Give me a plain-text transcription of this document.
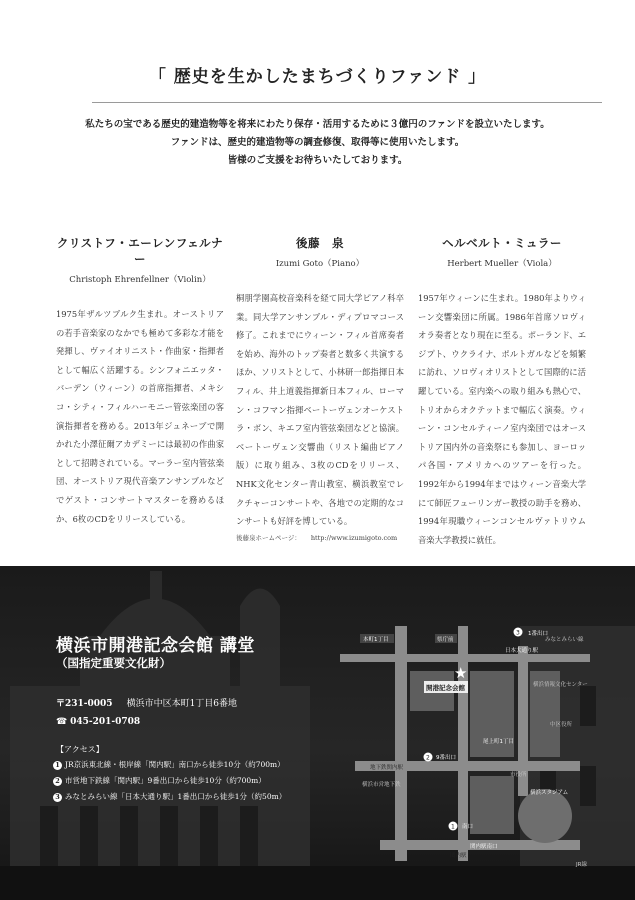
「 歴史を生かしたまちづくりファンド 」
私たちの宝である歴史的建造物等を将来にわたり保存・活用するために３億円のファンドを設立いたします。
ファンドは、歴史的建造物等の調査修復、取得等に使用いたします。
皆様のご支援をお待ちいたしております。
クリストフ・エーレンフェルナー
Christoph Ehrenfellner（Violin）
1975年ザルツブルク生まれ。オーストリアの若手音楽家のなかでも極めて多彩な才能を発揮し、ヴァイオリニスト・作曲家・指揮者として幅広く活躍する。シンフォニエッタ・バーデン（ウィーン）の首席指揮者、メキシコ・シティ・フィルハーモニー管弦楽団の客演指揮者を務める。2013年ジュネーブで開かれた小澤征爾アカデミーには最初の作曲家として招聘されている。マーラー室内管弦楽団、オーストリア現代音楽アンサンブルなどでゲスト・コンサートマスターを務めるほか、6枚のCDをリリースしている。
後藤　泉
Izumi Goto（Piano）
桐朋学園高校音楽科を経て同大学ピアノ科卒業。同大学アンサンブル・ディプロマコース修了。これまでにウィーン・フィル首席奏者を始め、海外のトップ奏者と数多く共演するほか、ソリストとして、小林研一郎指揮日本フィル、井上道義指揮新日本フィル、ローマン・コフマン指揮ベートーヴェンオーケストラ・ボン、キエフ室内管弦楽団などと協演。ベートーヴェン交響曲（リスト編曲ピアノ版）に取り組み、3枚のCDをリリース、NHK文化センター青山教室、横浜教室でレクチャーコンサートや、各地での定期的なコンサートも好評を博している。
後藤泉ホームページ： http://www.izumigoto.com
ヘルベルト・ミュラー
Herbert Mueller（Viola）
1957年ウィーンに生まれ。1980年よりウィーン交響楽団に所属。1986年首席ソロヴィオラ奏者となり現在に至る。ポーランド、エジプト、ウクライナ、ポルトガルなどを頻繁に訪れ、ソロヴィオリストとして国際的に活躍している。室内楽への取り組みも熱心で、トリオからオクテットまで幅広く演奏。ウィーン・コンセルティーノ室内楽団ではオーストリア国内外の音楽祭にも参加し、ヨーロッパ各国・アメリカへのツアーを行った。1992年から1994年まではウィーン音楽大学にて師匠フューリンガー教授の助手を務め、1994年現職ウィーンコンセルヴァトリウム音楽大学教授に就任。
横浜市開港記念会館 講堂
（国指定重要文化財）
〒231-0005 横浜市中区本町1丁目6番地
☎ 045-201-0708
【アクセス】
1 JR京浜東北線・根岸線「関内駅」南口から徒歩10分（約700m）
2 市営地下鉄線「関内駅」9番出口から徒歩10分（約700m）
3 みなとみらい線「日本大通り駅」1番出口から徒歩1分（約50m）
開港記念会館
★
本町1丁目	県庁前	みなとみらい線
日本大通り駅
3 1番出口
横浜情報文化センター
中区役所
尾上町1丁目
2 9番出口
地下鉄関内駅
横浜スタジアム
市役所
関内駅南口
1 南口
関内駅
横浜市営地下鉄
JR線
